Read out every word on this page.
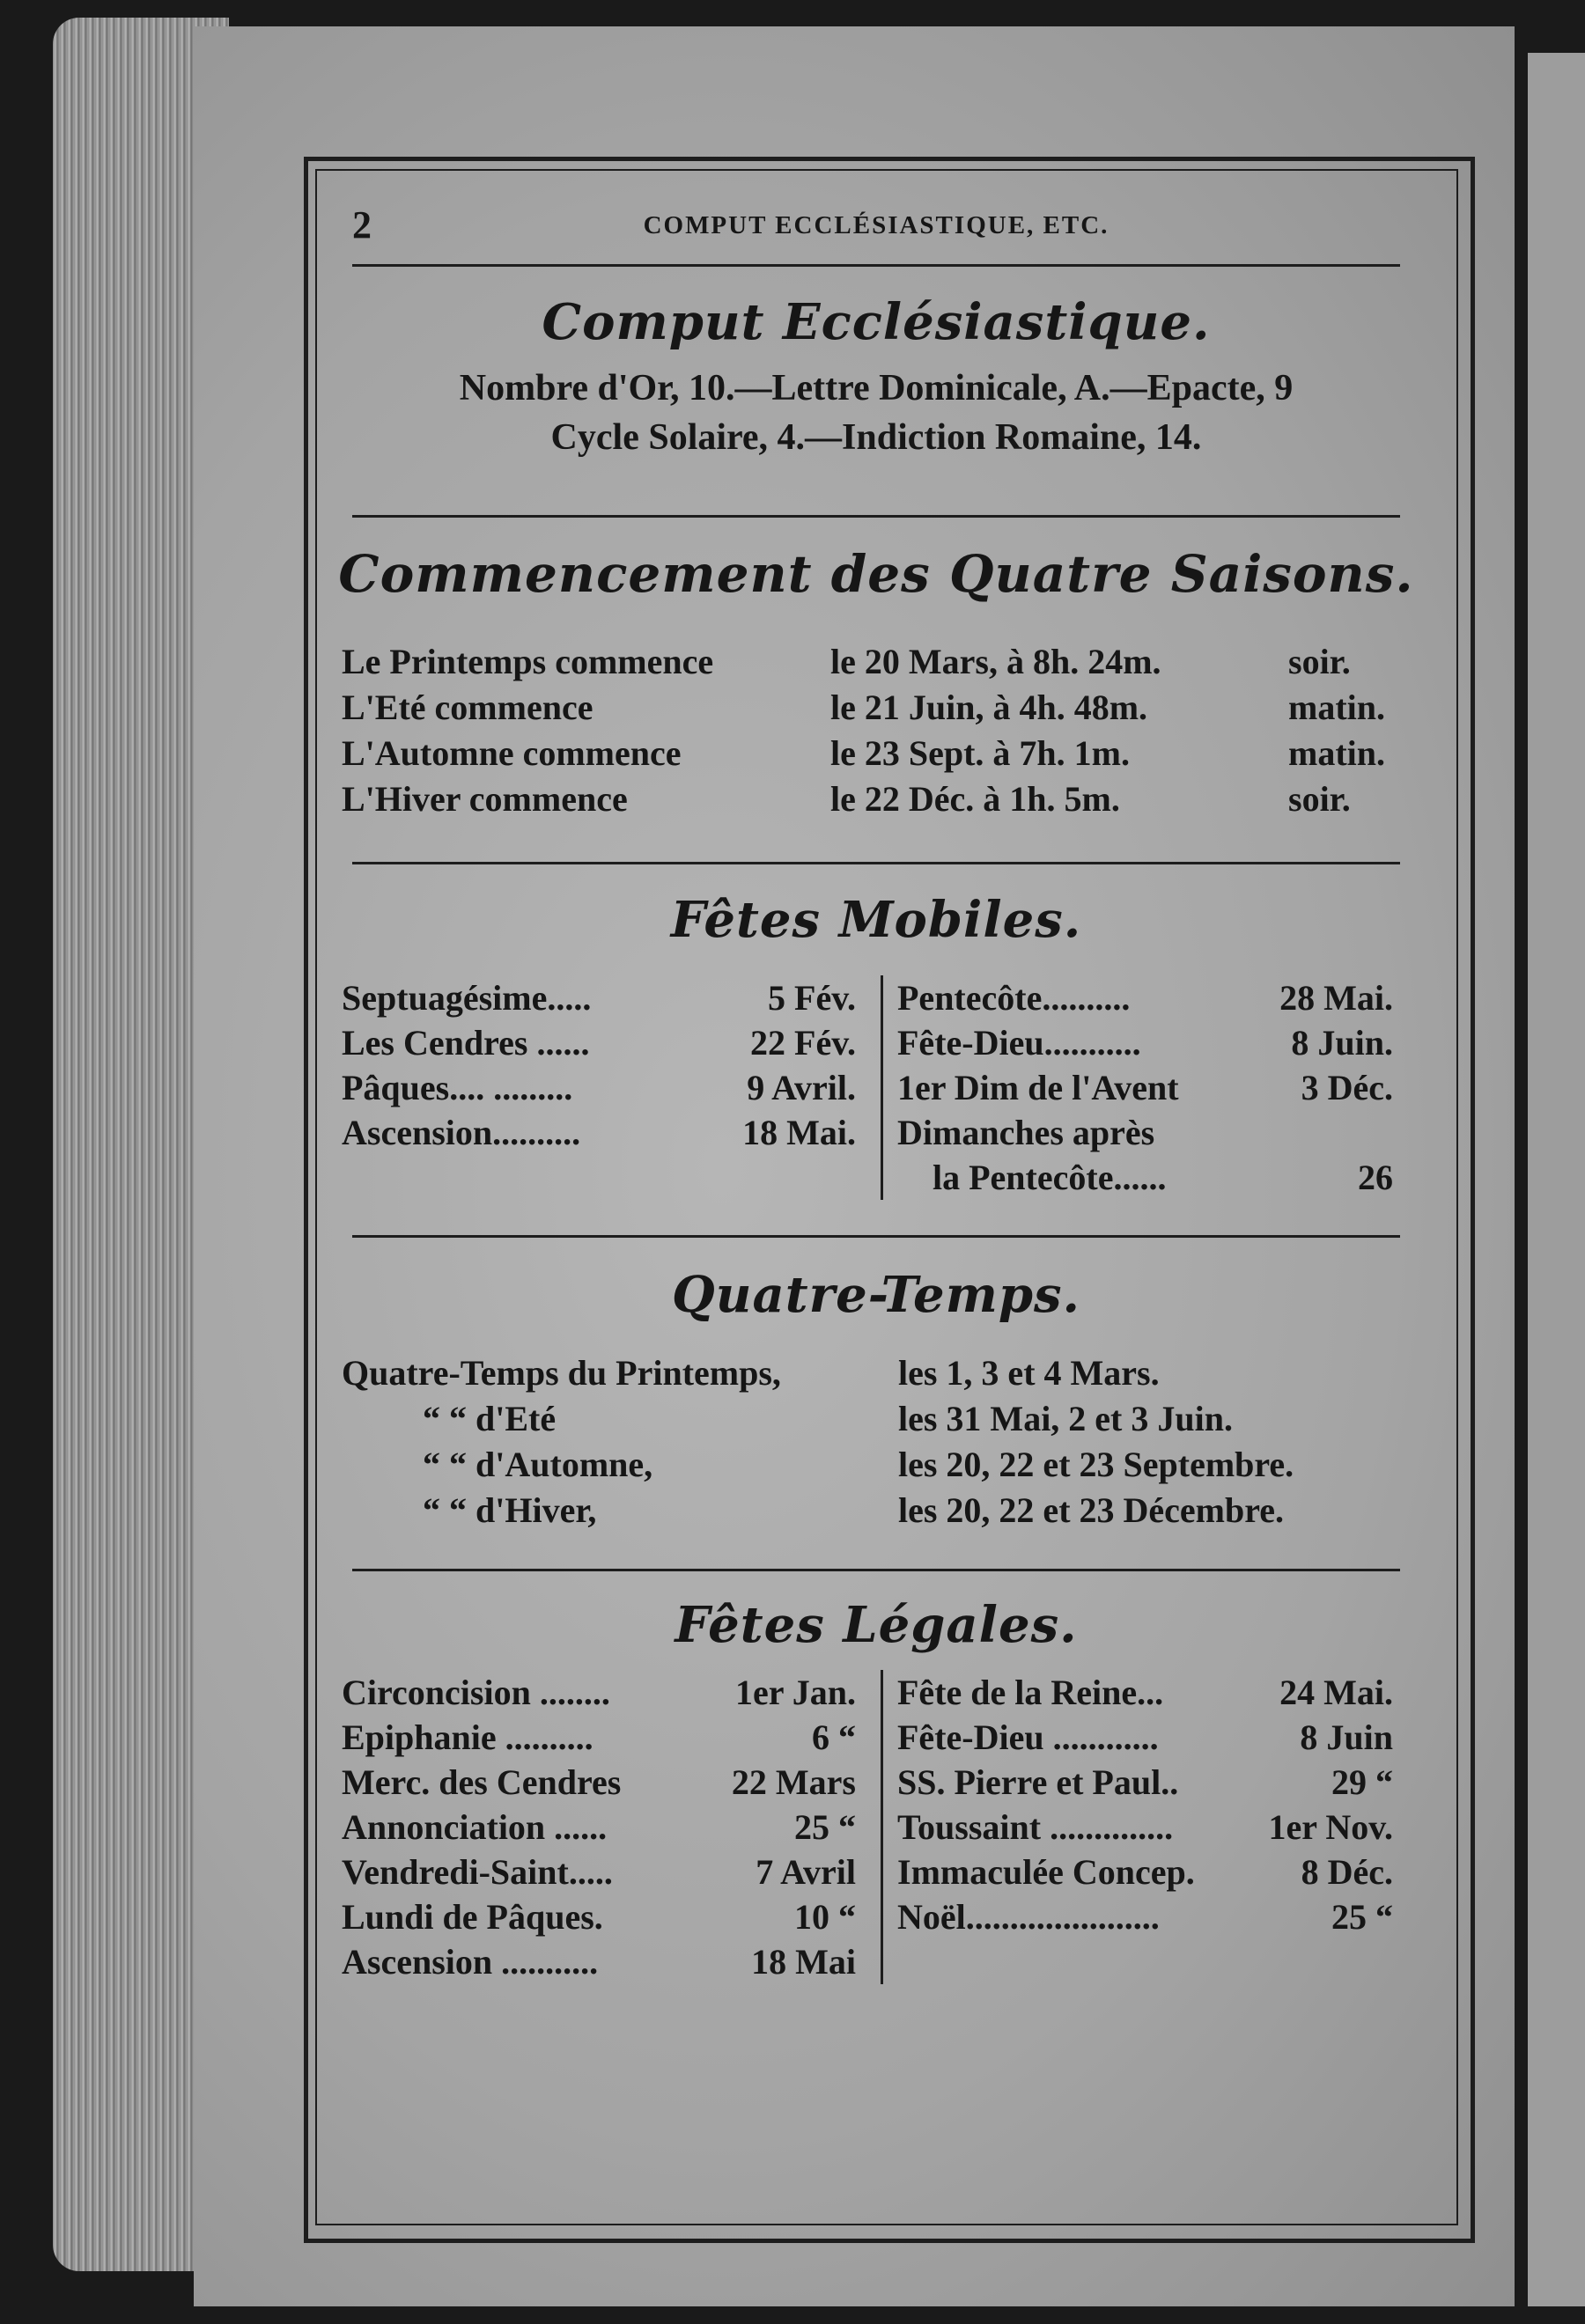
2	COMPUT ECCLÉSIASTIQUE, ETC.
Comput Ecclésiastique.
Nombre d'Or, 10.—Lettre Dominicale, A.—Epacte, 9
Cycle Solaire, 4.—Indiction Romaine, 14.
Commencement des Quatre Saisons.
Le Printemps commence	le 20 Mars, à 8h. 24m.	soir.
L'Eté commence	le 21 Juin, à 4h. 48m.	matin.
L'Automne commence	le 23 Sept. à 7h. 1m.	matin.
L'Hiver commence	le 22 Déc. à 1h. 5m.	soir.
Fêtes Mobiles.
Septuagésime.....	5 Fév.
Les Cendres ......	22 Fév.
Pâques.... .........	9 Avril.
Ascension..........	18 Mai.
Pentecôte..........	28 Mai.
Fête-Dieu...........	8 Juin.
1er Dim de l'Avent	3 Déc.
Dimanches après
la Pentecôte......	26
Quatre-Temps.
Quatre-Temps du Printemps,	les 1, 3 et 4 Mars.
“ “ d'Eté	les 31 Mai, 2 et 3 Juin.
“ “ d'Automne,	les 20, 22 et 23 Septembre.
“ “ d'Hiver,	les 20, 22 et 23 Décembre.
Fêtes Légales.
Circoncision ........	1er Jan.
Epiphanie ..........	6 “
Merc. des Cendres	22 Mars
Annonciation ......	25 “
Vendredi-Saint.....	7 Avril
Lundi de Pâques.	10 “
Ascension ...........	18 Mai
Fête de la Reine...	24 Mai.
Fête-Dieu ............	8 Juin
SS. Pierre et Paul..	29 “
Toussaint ..............	1er Nov.
Immaculée Concep.	8 Déc.
Noël......................	25 “
